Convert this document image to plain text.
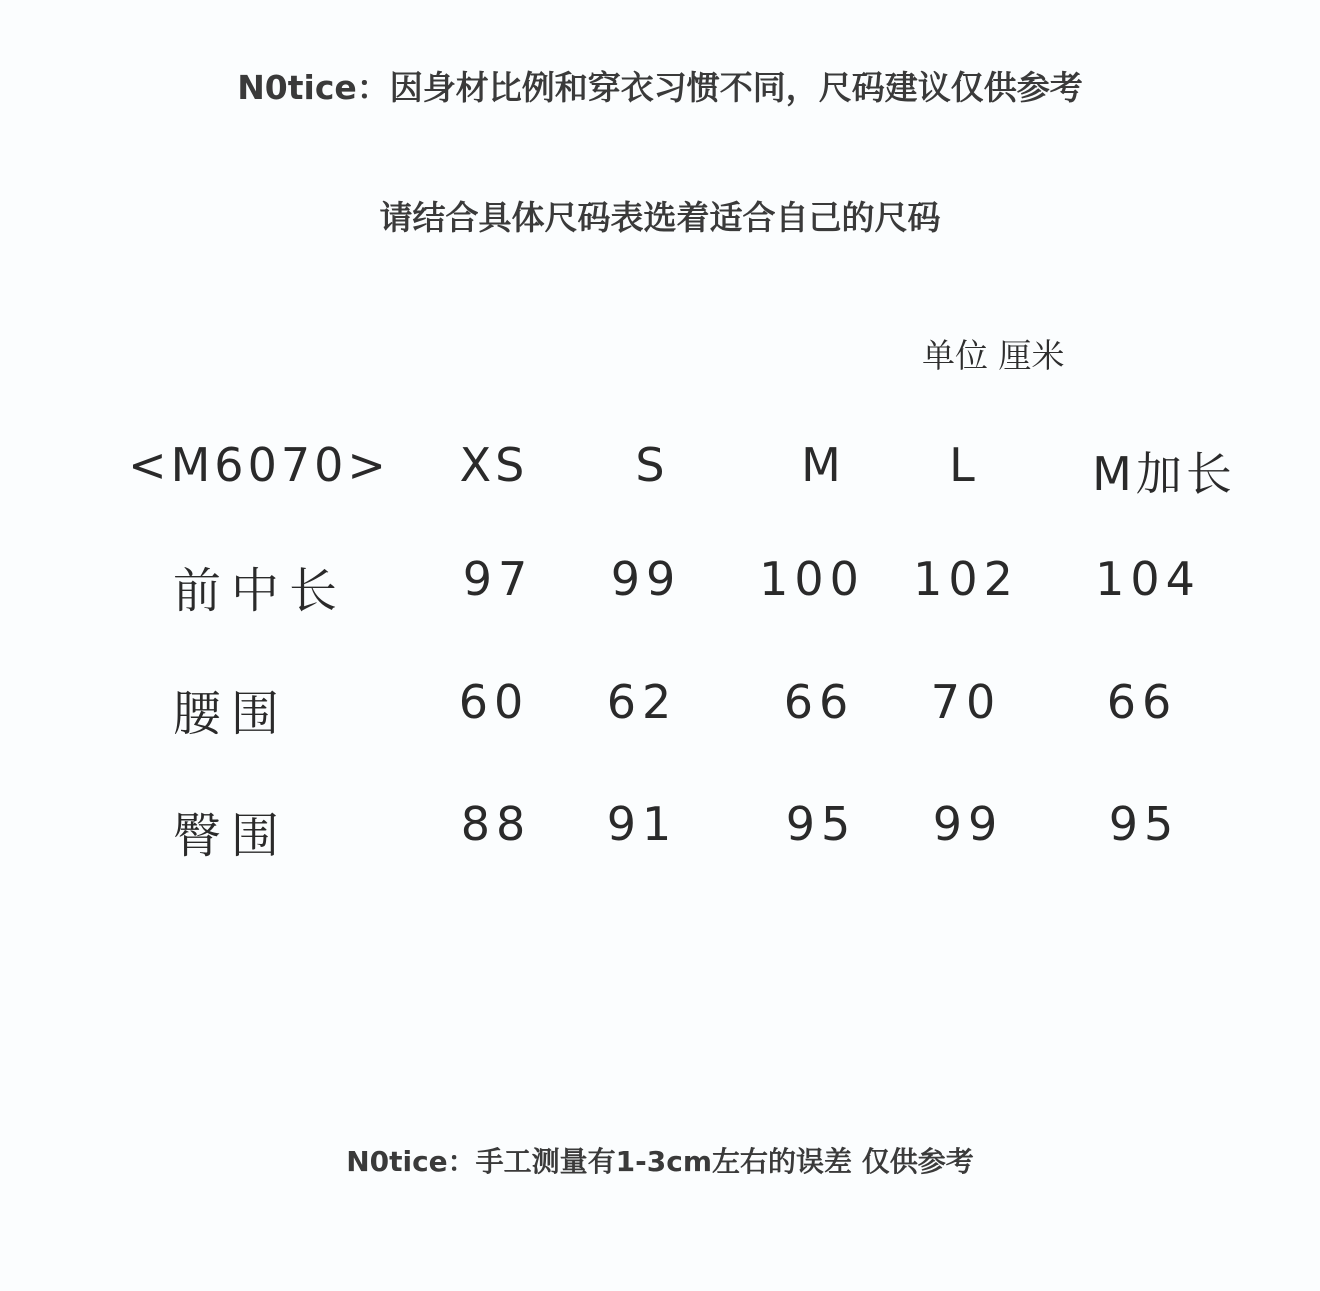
N0tice：因身材比例和穿衣习惯不同，尺码建议仅供参考
请结合具体尺码表选着适合自己的尺码
单位 厘米
<M6070> XS S	M L M加长
前中长	97 99 100 102 104
腰围	60 62 66 70 66
臀围	88 91 95 99 95
N0tice：手工测量有1-3cm左右的误差 仅供参考
